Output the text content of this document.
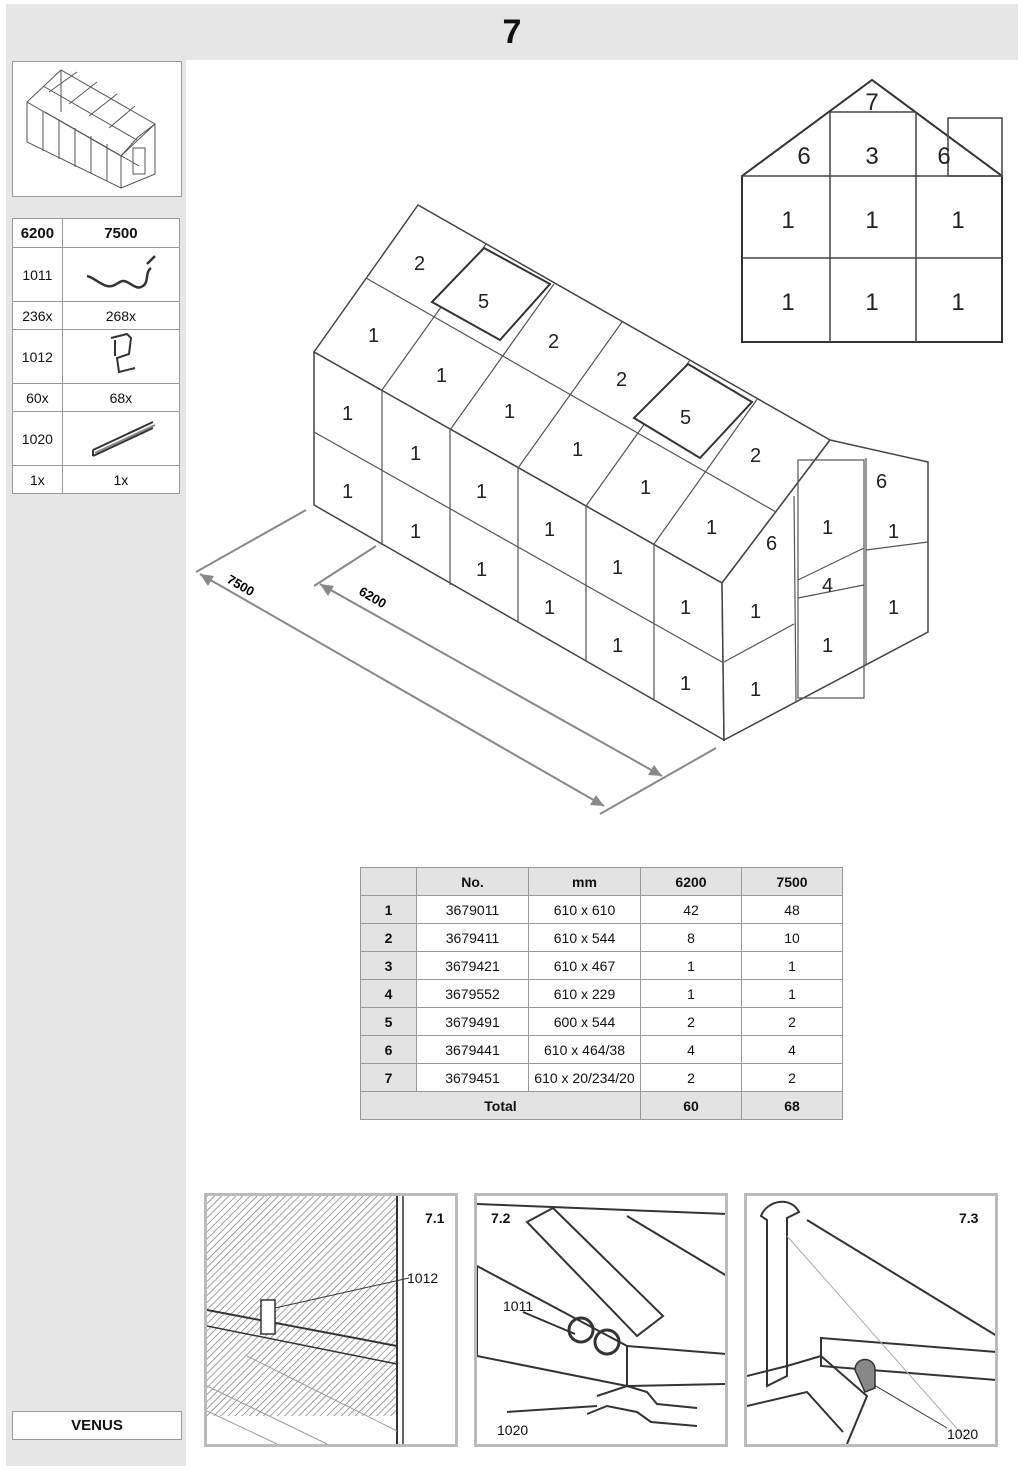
7
6200	7500
1011	
236x	268x
1012	
60x	68x
1020	
1x	1x
VENUS
2
5
1	2
1	2
1	5
1	2
1
1
1
1
1
1
1
1
1
1
1
1
1
1
6
1
1
1
4
1
6
1
1
7500	6200
7
6 3 6
1	1	1
1	1	1
	No.	mm	6200	7500
1	3679011	610 x 610	42	48
2	3679411	610 x 544	8	10
3	3679421	610 x 467	1	1
4	3679552	610 x 229	1	1
5	3679491	600 x 544	2	2
6	3679441	610 x 464/38	4	4
7	3679451	610 x 20/234/20	2	2
Total			60	68
7.1
1012
7.2
1011
1020
7.3
1020
